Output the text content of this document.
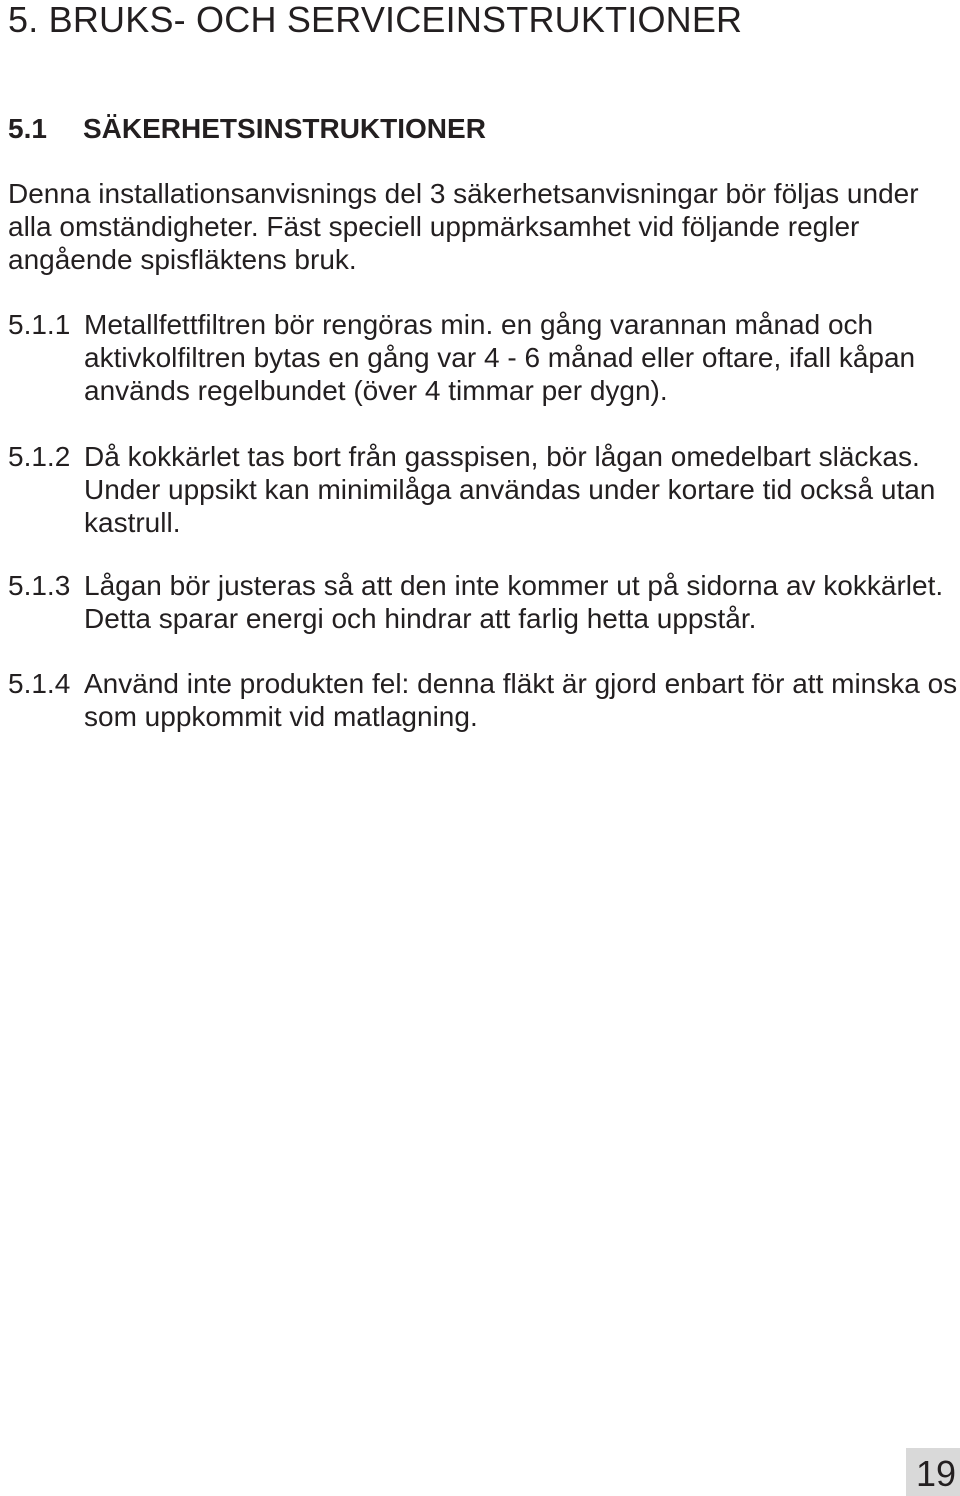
5. BRUKS- OCH SERVICEINSTRUKTIONER
5.1 SÄKERHETSINSTRUKTIONER

Denna installationsanvisnings del 3 säkerhetsanvisningar bör följas under alla omständigheter. Fäst speciell uppmärksamhet vid följande regler angående spisfläktens bruk.

5.1.1 Metallfettfiltren bör rengöras min. en gång varannan månad och aktivkolfiltren bytas en gång var 4 - 6 månad eller oftare, ifall kåpan används regelbundet (över 4 timmar per dygn).
5.1.2 Då kokkärlet tas bort från gasspisen, bör lågan omedelbart släckas. Under uppsikt kan minimilåga användas under kortare tid också utan kastrull.
5.1.3 Lågan bör justeras så att den inte kommer ut på sidorna av kokkärlet. Detta sparar energi och hindrar att farlig hetta uppstår.
5.1.4 Använd inte produkten fel: denna fläkt är gjord enbart för att minska os som uppkommit vid matlagning.
19
